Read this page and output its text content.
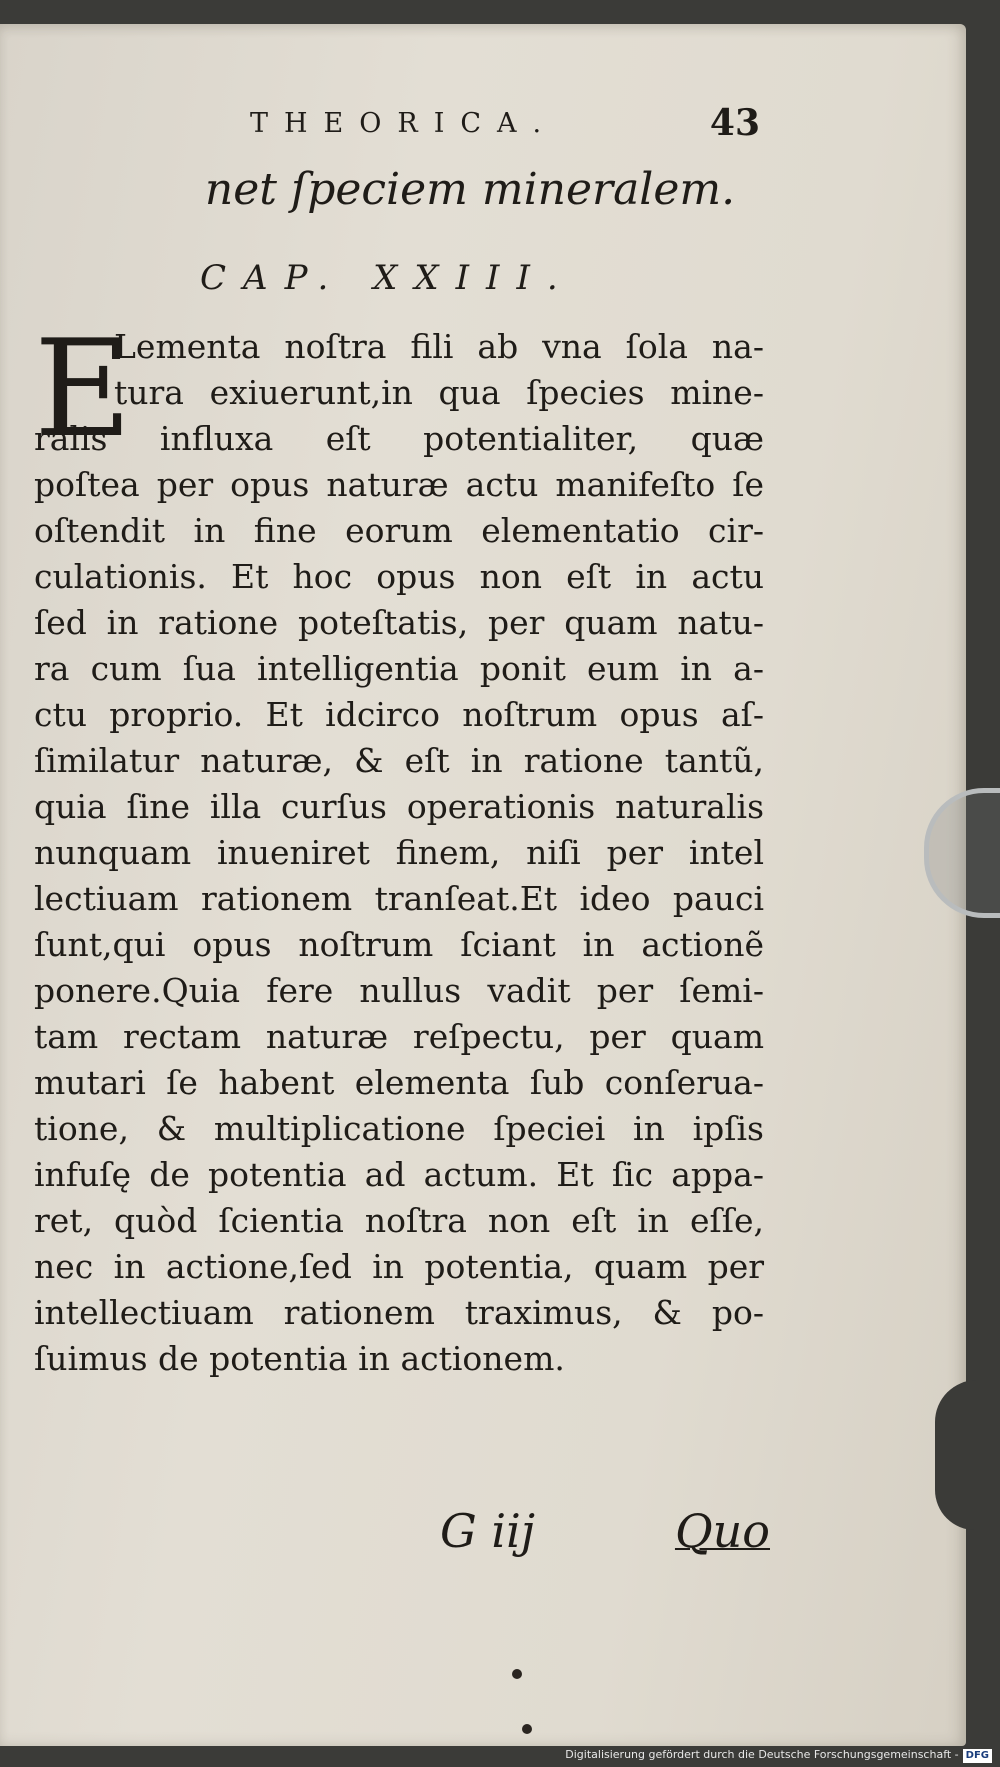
THEORICA.	43
net ſpeciem mineralem.
CAP. XXIII.
E
Lementa noſtra fili ab vna ſola na-
tura exiuerunt,in qua ſpecies mine-
ralis influxa eſt potentialiter, quæ
poſtea per opus naturæ actu manifeſto ſe
oſtendit in fine eorum elementatio cir-
culationis. Et hoc opus non eſt in actu
ſed in ratione poteſtatis, per quam natu-
ra cum ſua intelligentia ponit eum in a-
ctu proprio. Et idcirco noſtrum opus aſ-
ſimilatur naturæ, & eſt in ratione tantũ,
quia ſine illa curſus operationis naturalis
nunquam inueniret finem, niſi per intel
lectiuam rationem tranſeat.Et ideo pauci
ſunt,qui opus noſtrum ſciant in actionẽ
ponere.Quia fere nullus vadit per ſemi-
tam rectam naturæ reſpectu, per quam
mutari ſe habent elementa ſub conſerua-
tione, & multiplicatione ſpeciei in ipſis
infuſę de potentia ad actum. Et ſic appa-
ret, quòd ſcientia noſtra non eſt in eſſe,
nec in actione,ſed in potentia, quam per
intellectiuam rationem traximus, & po-
ſuimus de potentia in actionem.
G iij	Quo
Digitalisierung gefördert durch die Deutsche Forschungsgemeinschaft - DFG
